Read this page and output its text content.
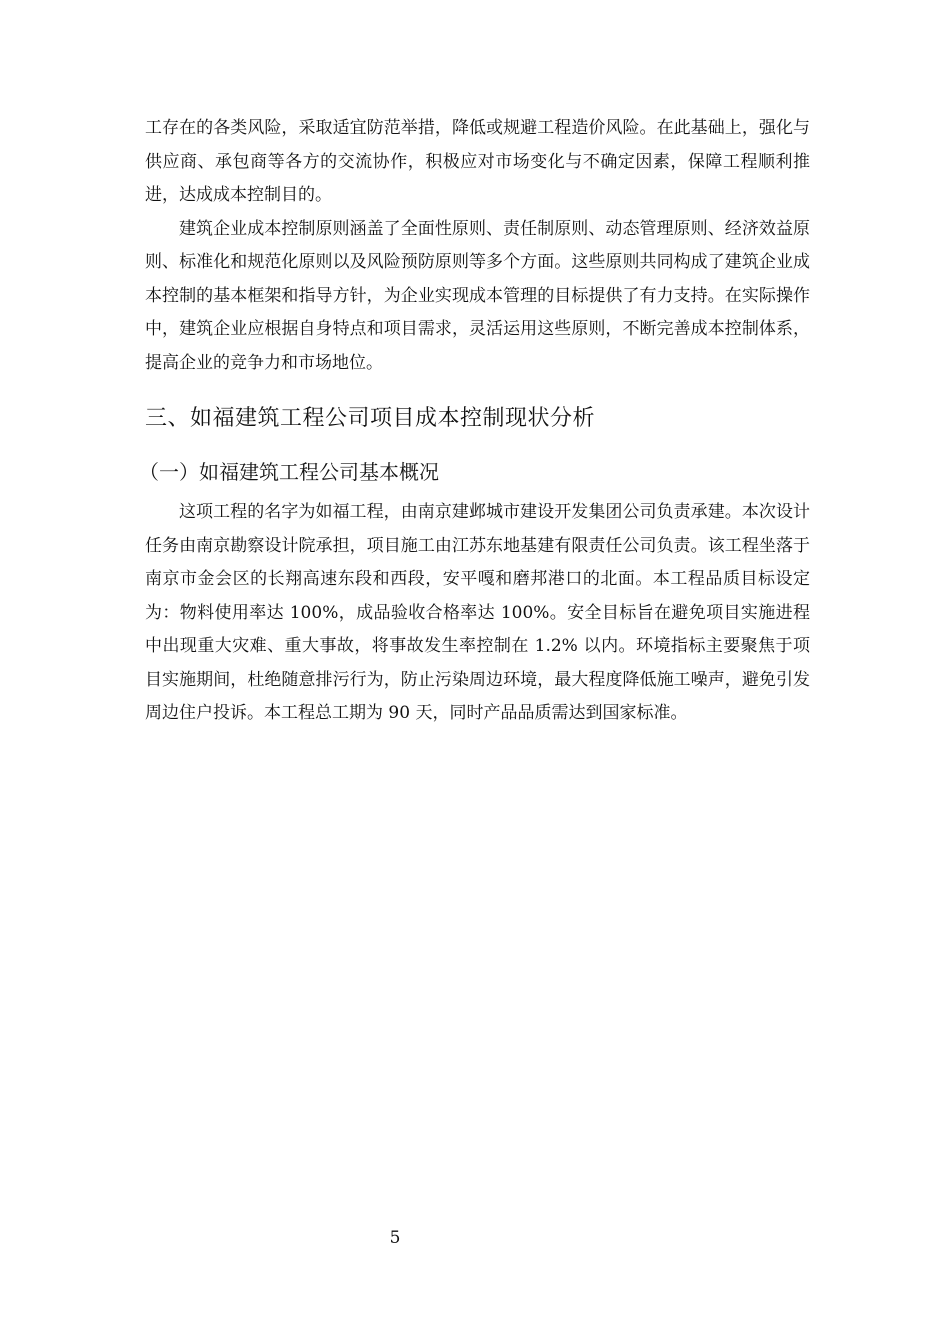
工存在的各类风险，采取适宜防范举措，降低或规避工程造价风险。在此基础上，强化与供应商、承包商等各方的交流协作，积极应对市场变化与不确定因素，保障工程顺利推进，达成成本控制目的。

建筑企业成本控制原则涵盖了全面性原则、责任制原则、动态管理原则、经济效益原则、标准化和规范化原则以及风险预防原则等多个方面。这些原则共同构成了建筑企业成本控制的基本框架和指导方针，为企业实现成本管理的目标提供了有力支持。在实际操作中，建筑企业应根据自身特点和项目需求，灵活运用这些原则，不断完善成本控制体系，提高企业的竞争力和市场地位。

三、如福建筑工程公司项目成本控制现状分析
（一）如福建筑工程公司基本概况

这项工程的名字为如福工程，由南京建邺城市建设开发集团公司负责承建。本次设计任务由南京勘察设计院承担，项目施工由江苏东地基建有限责任公司负责。该工程坐落于南京市金会区的长翔高速东段和西段，安平嘎和磨邦港口的北面。本工程品质目标设定为：物料使用率达 100%，成品验收合格率达 100%。安全目标旨在避免项目实施进程中出现重大灾难、重大事故，将事故发生率控制在 1.2% 以内。环境指标主要聚焦于项目实施期间，杜绝随意排污行为，防止污染周边环境，最大程度降低施工噪声，避免引发周边住户投诉。本工程总工期为 90 天，同时产品品质需达到国家标准。

5
